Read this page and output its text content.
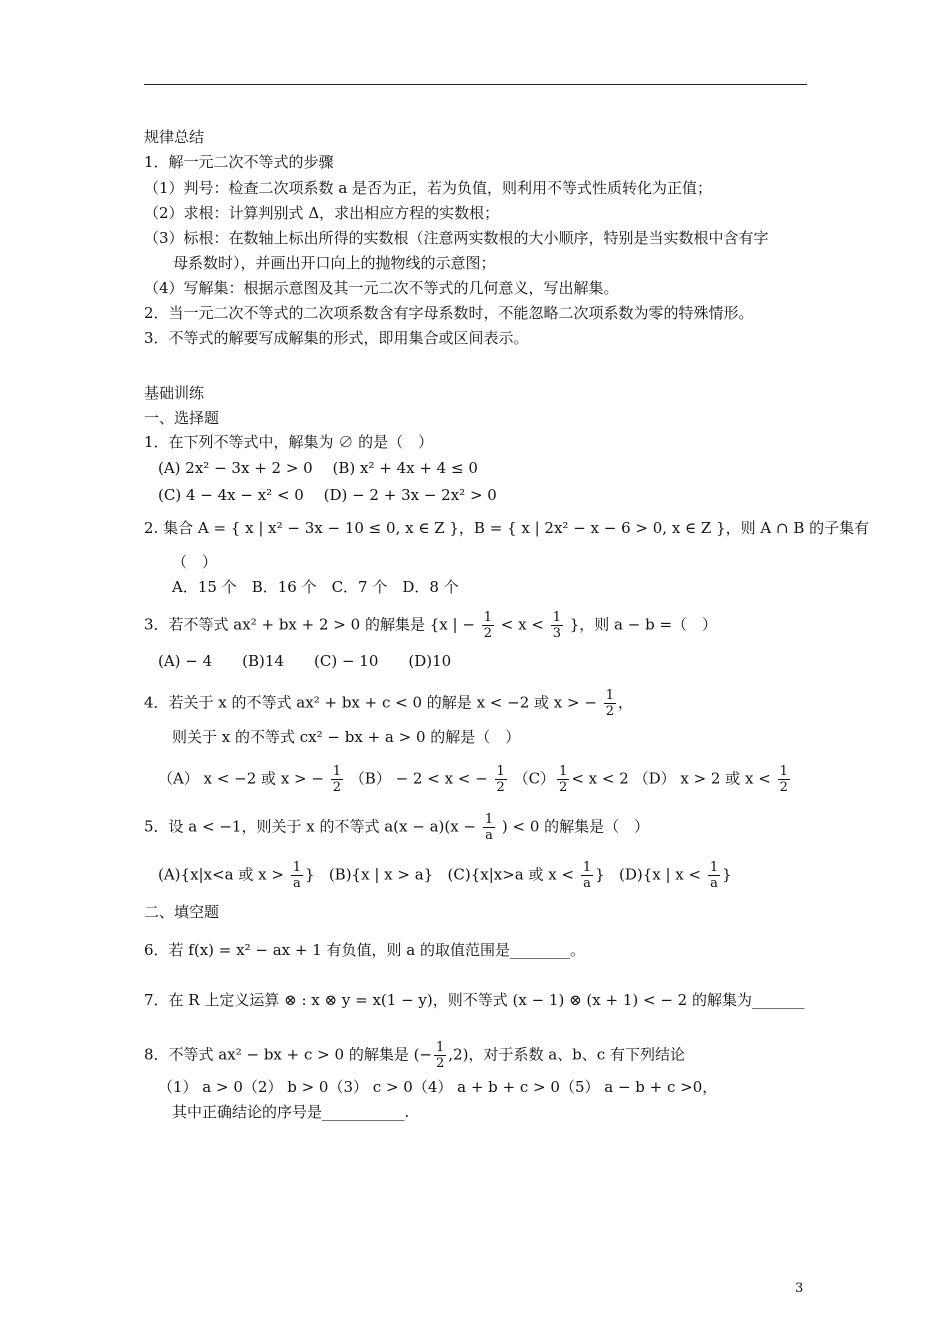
规律总结
1．解一元二次不等式的步骤
（1）判号：检查二次项系数 a 是否为正，若为负值，则利用不等式性质转化为正值；
（2）求根：计算判别式 Δ，求出相应方程的实数根；
（3）标根：在数轴上标出所得的实数根（注意两实数根的大小顺序，特别是当实数根中含有字
母系数时），并画出开口向上的抛物线的示意图；
（4）写解集：根据示意图及其一元二次不等式的几何意义，写出解集。
2．当一元二次不等式的二次项系数含有字母系数时，不能忽略二次项系数为零的特殊情形。
3．不等式的解要写成解集的形式，即用集合或区间表示。
基础训练
一、选择题
1．在下列不等式中，解集为 ∅ 的是（　）
(A) 2x² − 3x + 2 > 0　 (B) x² + 4x + 4 ≤ 0
(C) 4 − 4x − x² < 0　 (D) − 2 + 3x − 2x² > 0
2. 集合 A = { x | x² − 3x − 10 ≤ 0, x ∈ Z }，B = { x | 2x² − x − 6 > 0, x ∈ Z }，则 A ∩ B 的子集有
（　）
A．15 个　B．16 个　C．7 个　D．8 个
3．若不等式 ax² + bx + 2 > 0 的解集是 {x | − $\frac{1}{2} < x < \frac{1}{3}$ }，则 a − b =（　）
(A) − 4　　(B)14　　(C) − 10　　(D)10
4．若关于 x 的不等式 ax² + bx + c < 0 的解是 x < −2 或 x > − $\frac{1}{2}$ ，
则关于 x 的不等式 cx² − bx + a > 0 的解是（　）
（A） x < −2 或 x > − $\frac{1}{2} (B) - 2 < x$ < − $\frac{1}{2} (C) \frac{1}{2} < x < 2$ （D） x > 2 或 $x < \frac{1}{2}$
5．设 a < −1，则关于 x 的不等式 $a(x - a)(x - \frac{1}{a}$ ) < 0 的解集是（　）
(A){x|x<a 或 $x > \frac{1}{a}$ } (B){x | x > a} (C){x|x>a 或 $x < \frac{1}{a}$ } (D){x | $x < \frac{1}{a}$ }
二、填空题
6．若 f(x) = x² − ax + 1 有负值，则 a 的取值范围是________。
7．在 R 上定义运算 ⊗ : x ⊗ y = x(1 − y)，则不等式 (x − 1) ⊗ (x + 1) < − 2 的解集为_______
8．不等式 ax² − bx + c > 0 的解集是 (− $\frac{1}{2} ,2$)，对于系数 a、b、c 有下列结论
（1） a > 0（2） b > 0（3） c > 0（4） a + b + c > 0（5） a − b + c >0，
其中正确结论的序号是___________.
3
